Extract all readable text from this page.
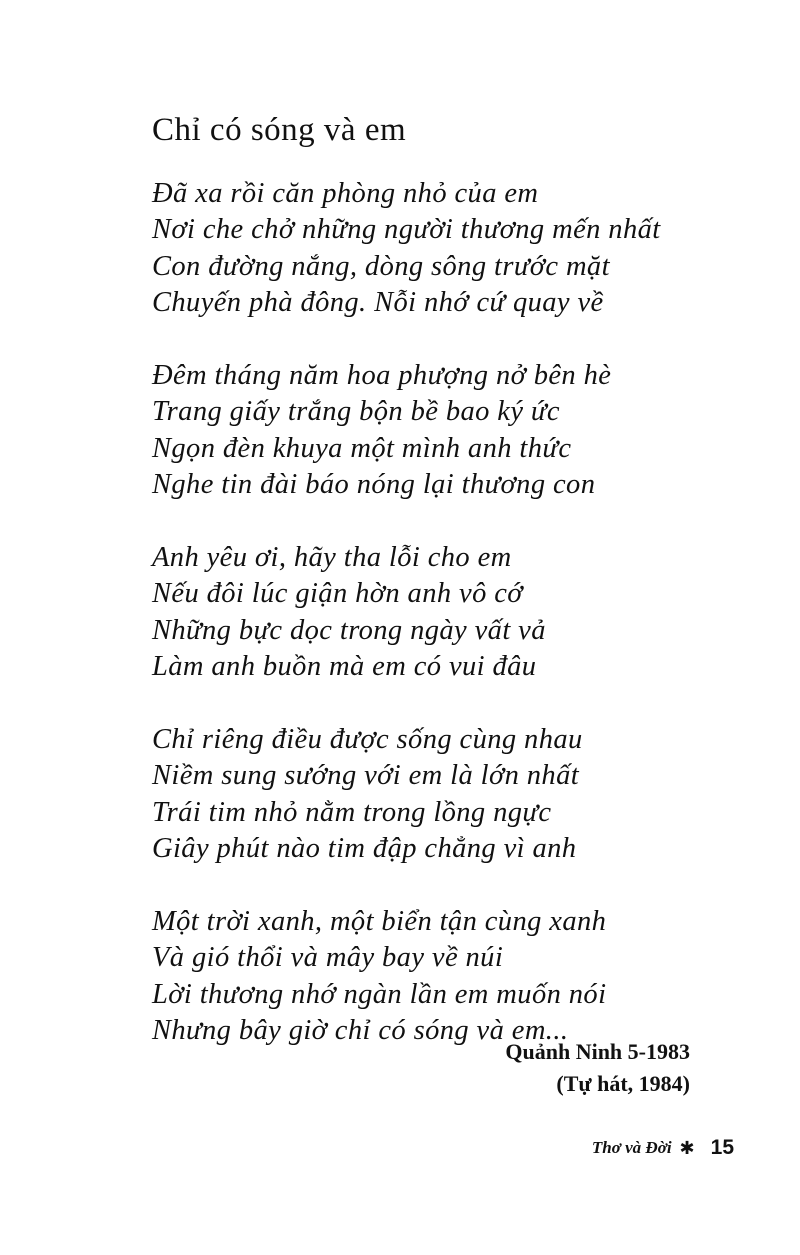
Chỉ có sóng và em
Đã xa rồi căn phòng nhỏ của em
Nơi che chở những người thương mến nhất
Con đường nắng, dòng sông trước mặt
Chuyến phà đông. Nỗi nhớ cứ quay về
Đêm tháng năm hoa phượng nở bên hè
Trang giấy trắng bộn bề bao ký ức
Ngọn đèn khuya một mình anh thức
Nghe tin đài báo nóng lại thương con
Anh yêu ơi, hãy tha lỗi cho em
Nếu đôi lúc giận hờn anh vô cớ
Những bực dọc trong ngày vất vả
Làm anh buồn mà em có vui đâu
Chỉ riêng điều được sống cùng nhau
Niềm sung sướng với em là lớn nhất
Trái tim nhỏ nằm trong lồng ngực
Giây phút nào tim đập chẳng vì anh
Một trời xanh, một biển tận cùng xanh
Và gió thổi và mây bay về núi
Lời thương nhớ ngàn lần em muốn nói
Nhưng bây giờ chỉ có sóng và em...
Quảnh Ninh 5-1983
(Tự hát, 1984)
Thơ và Đời ✱ 15
